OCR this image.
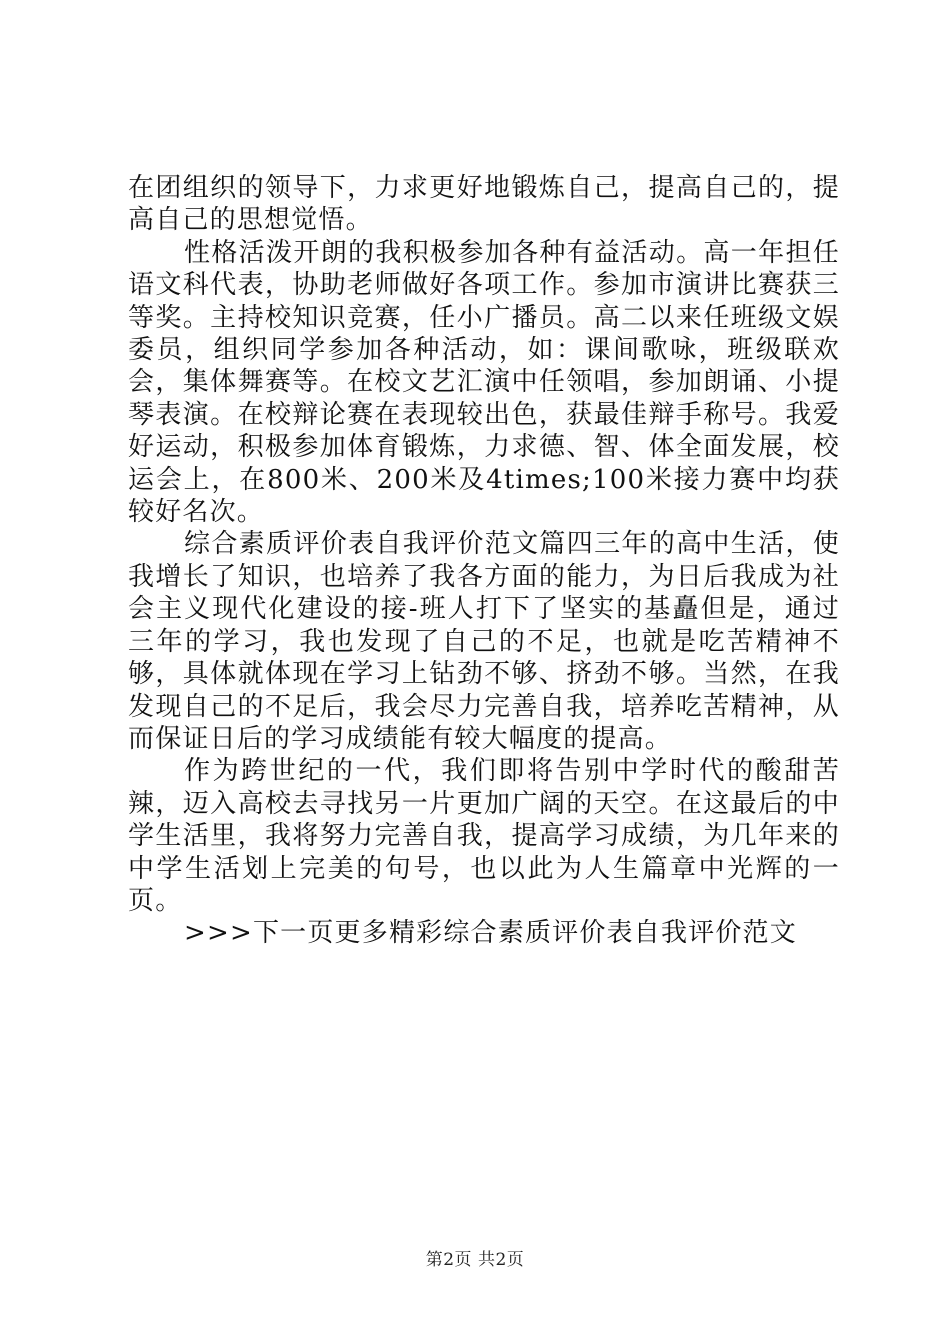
在团组织的领导下，力求更好地锻炼自己，提高自己的，提高自己的思想觉悟。

性格活泼开朗的我积极参加各种有益活动。高一年担任语文科代表，协助老师做好各项工作。参加市演讲比赛获三等奖。主持校知识竞赛，任小广播员。高二以来任班级文娱委员，组织同学参加各种活动，如：课间歌咏，班级联欢会，集体舞赛等。在校文艺汇演中任领唱，参加朗诵、小提琴表演。在校辩论赛在表现较出色，获最佳辩手称号。我爱好运动，积极参加体育锻炼，力求德、智、体全面发展，校运会上，在800米、200米及4times;100米接力赛中均获较好名次。

综合素质评价表自我评价范文篇四三年的高中生活，使我增长了知识，也培养了我各方面的能力，为日后我成为社会主义现代化建设的接-班人打下了坚实的基矗但是，通过三年的学习，我也发现了自己的不足，也就是吃苦精神不够，具体就体现在学习上钻劲不够、挤劲不够。当然，在我发现自己的不足后，我会尽力完善自我，培养吃苦精神，从而保证日后的学习成绩能有较大幅度的提高。

作为跨世纪的一代，我们即将告别中学时代的酸甜苦辣，迈入高校去寻找另一片更加广阔的天空。在这最后的中学生活里，我将努力完善自我，提高学习成绩，为几年来的中学生活划上完美的句号，也以此为人生篇章中光辉的一页。

>>>下一页更多精彩综合素质评价表自我评价范文

第2页 共2页
